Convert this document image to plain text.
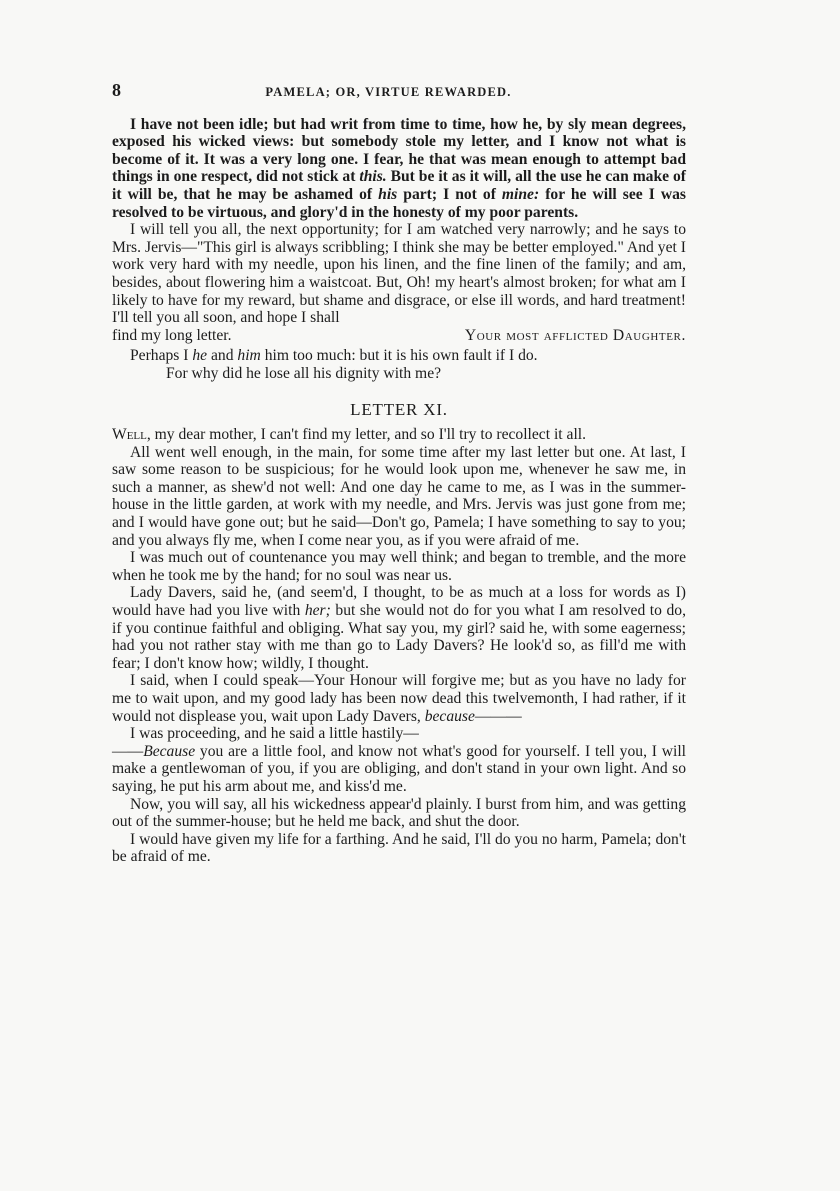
8	PAMELA; OR, VIRTUE REWARDED.

I have not been idle; but had writ from time to time, how he, by sly mean degrees, exposed his wicked views: but somebody stole my letter, and I know not what is become of it. It was a very long one. I fear, he that was mean enough to attempt bad things in one respect, did not stick at this. But be it as it will, all the use he can make of it will be, that he may be ashamed of his part; I not of mine: for he will see I was resolved to be virtuous, and glory'd in the honesty of my poor parents.

I will tell you all, the next opportunity; for I am watched very narrowly; and he says to Mrs. Jervis—"This girl is always scribbling; I think she may be better employed." And yet I work very hard with my needle, upon his linen, and the fine linen of the family; and am, besides, about flowering him a waistcoat. But, Oh! my heart's almost broken; for what am I likely to have for my reward, but shame and disgrace, or else ill words, and hard treatment! I'll tell you all soon, and hope I shall

find my long letter.	Your most afflicted Daughter.

Perhaps I he and him him too much: but it is his own fault if I do.

For why did he lose all his dignity with me?

LETTER XI.

Well, my dear mother, I can't find my letter, and so I'll try to recollect it all.

All went well enough, in the main, for some time after my last letter but one. At last, I saw some reason to be suspicious; for he would look upon me, whenever he saw me, in such a manner, as shew'd not well: And one day he came to me, as I was in the summer-house in the little garden, at work with my needle, and Mrs. Jervis was just gone from me; and I would have gone out; but he said—Don't go, Pamela; I have something to say to you; and you always fly me, when I come near you, as if you were afraid of me.

I was much out of countenance you may well think; and began to tremble, and the more when he took me by the hand; for no soul was near us.

Lady Davers, said he, (and seem'd, I thought, to be as much at a loss for words as I) would have had you live with her; but she would not do for you what I am resolved to do, if you continue faithful and obliging. What say you, my girl? said he, with some eagerness; had you not rather stay with me than go to Lady Davers? He look'd so, as fill'd me with fear; I don't know how; wildly, I thought.

I said, when I could speak—Your Honour will forgive me; but as you have no lady for me to wait upon, and my good lady has been now dead this twelvemonth, I had rather, if it would not displease you, wait upon Lady Davers, because———

I was proceeding, and he said a little hastily—

——Because you are a little fool, and know not what's good for yourself. I tell you, I will make a gentlewoman of you, if you are obliging, and don't stand in your own light. And so saying, he put his arm about me, and kiss'd me.

Now, you will say, all his wickedness appear'd plainly. I burst from him, and was getting out of the summer-house; but he held me back, and shut the door.

I would have given my life for a farthing. And he said, I'll do you no harm, Pamela; don't be afraid of me.
